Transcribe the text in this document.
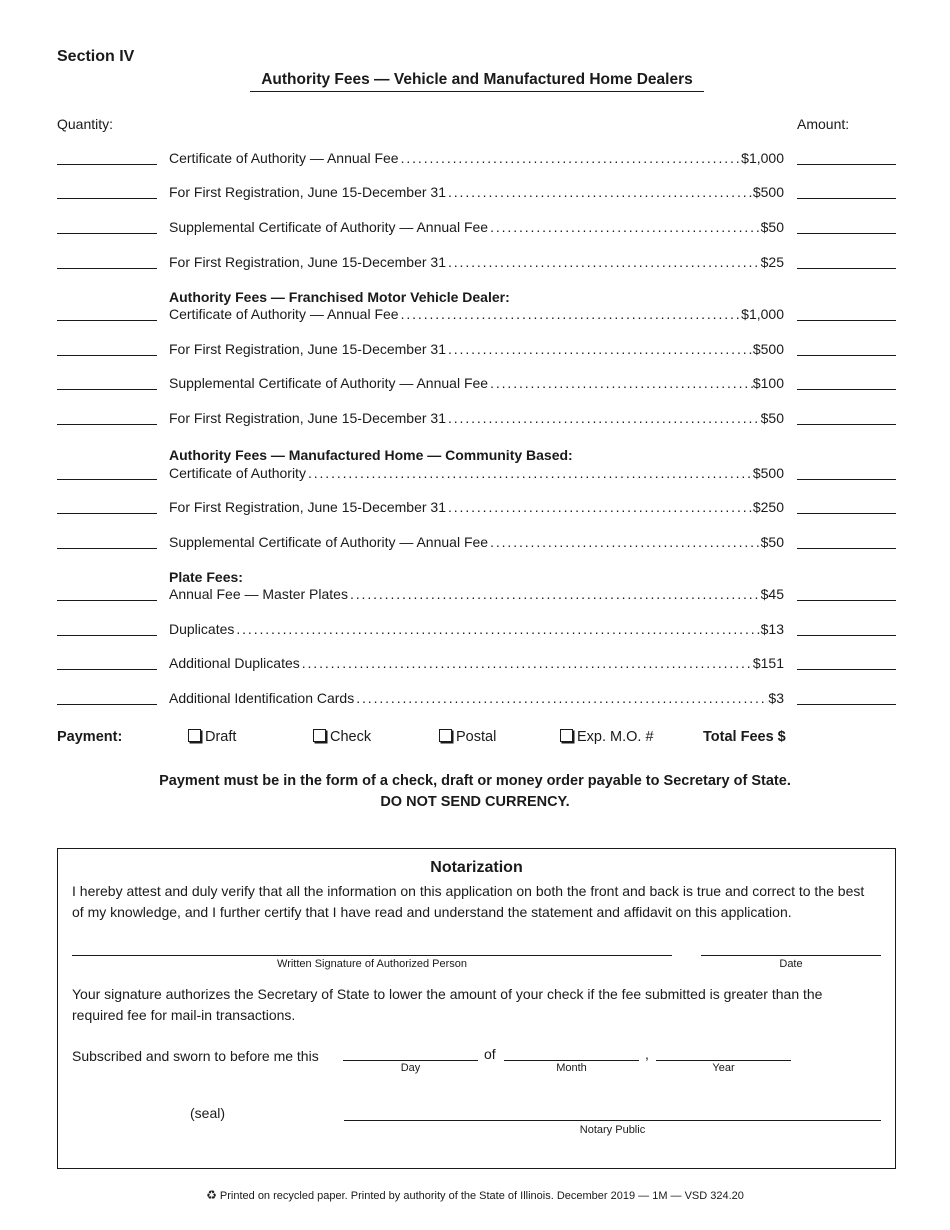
Section IV
Authority Fees — Vehicle and Manufactured Home Dealers
Quantity:	Amount:
Certificate of Authority — Annual Fee . . .	$1,000
For First Registration, June 15-December 31 . . .	$500
Supplemental Certificate of Authority — Annual Fee . . .	$50
For First Registration, June 15-December 31 . . .	$25
Authority Fees — Franchised Motor Vehicle Dealer:
Certificate of Authority — Annual Fee . . .	$1,000
For First Registration, June 15-December 31 . . .	$500
Supplemental Certificate of Authority — Annual Fee . . .	$100
For First Registration, June 15-December 31 . . .	$50
Authority Fees — Manufactured Home — Community Based:
Certificate of Authority . . .	$500
For First Registration, June 15-December 31 . . .	$250
Supplemental Certificate of Authority — Annual Fee . . .	$50
Plate Fees:
Annual Fee — Master Plates . . .	$45
Duplicates . . .	$13
Additional Duplicates . . .	$151
Additional Identification Cards . . .	$3
Payment:	Draft	Check	Postal	Exp. M.O. #	Total Fees $
Payment must be in the form of a check, draft or money order payable to Secretary of State.
DO NOT SEND CURRENCY.
Notarization
I hereby attest and duly verify that all the information on this application on both the front and back is true and correct to the best of my knowledge, and I further certify that I have read and understand the statement and affidavit on this application.
Written Signature of Authorized Person	Date
Your signature authorizes the Secretary of State to lower the amount of your check if the fee submitted is greater than the required fee for mail-in transactions.
Subscribed and sworn to before me this
Day
of
Month
,
Year
(seal)
Notary Public
♻ Printed on recycled paper. Printed by authority of the State of Illinois. December 2019 — 1M — VSD 324.20
